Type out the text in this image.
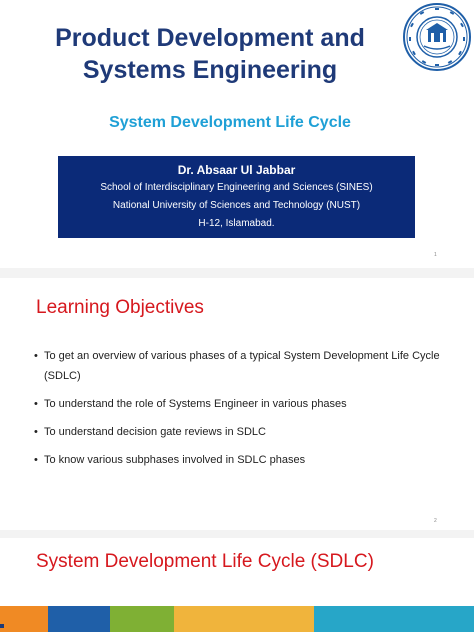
Product Development and
Systems Engineering
System Development Life Cycle
Dr. Absaar Ul Jabbar
School of Interdisciplinary Engineering and Sciences (SINES)
National University of Sciences and Technology (NUST)
H-12, Islamabad.
1
Learning Objectives
• To get an overview of various phases of a typical System Development Life Cycle (SDLC)
• To understand the role of Systems Engineer in various phases
• To understand decision gate reviews in SDLC
• To know various subphases involved in SDLC phases
2
System Development Life Cycle (SDLC)
